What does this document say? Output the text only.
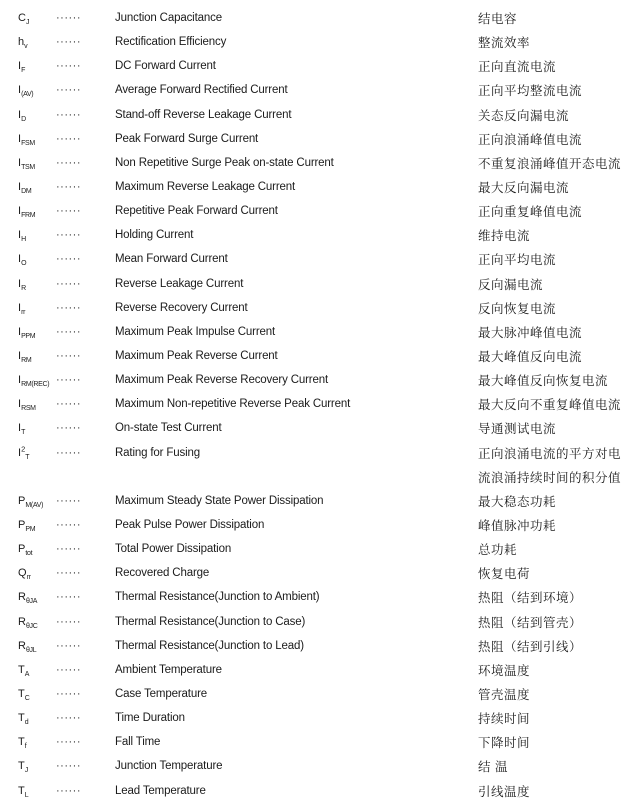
$C_J$	······	Junction Capacitance	结电容
$h_v$	······	Rectification Efficiency	整流效率
$I_F$	······	DC Forward Current	正向直流电流
$I_{(AV)}$	······	Average Forward Rectified Current	正向平均整流电流
$I_D$	······	Stand-off Reverse Leakage Current	关态反向漏电流
$I_{FSM}$	······	Peak Forward Surge Current	正向浪涌峰值电流
$I_{TSM}$	······	Non Repetitive Surge Peak on-state Current	不重复浪涌峰值开态电流
$I_{DM}$	······	Maximum Reverse Leakage Current	最大反向漏电流
$I_{FRM}$	······	Repetitive Peak Forward Current	正向重复峰值电流
$I_H$	······	Holding Current	维持电流
$I_O$	······	Mean Forward Current	正向平均电流
$I_R$	······	Reverse Leakage Current	反向漏电流
$I_{rr}$	······	Reverse Recovery Current	反向恢复电流
$I_{PPM}$	······	Maximum Peak Impulse Current	最大脉冲峰值电流
$I_{RM}$	······	Maximum Peak Reverse Current	最大峰值反向电流
$I_{RM(REC)}$ ······	Maximum Peak Reverse Recovery Current	最大峰值反向恢复电流
$I_{RSM}$	······	Maximum Non-repetitive Reverse Peak Current	最大反向不重复峰值电流
$I_T$	······	On-state Test Current	导通测试电流
$I^2_T$	······	Rating for Fusing	正向浪涌电流的平方对电
流浪涌持续时间的积分值
$P_{M(AV)}$	······	Maximum Steady State Power Dissipation	最大稳态功耗
$P_{PM}$	······	Peak Pulse Power Dissipation	峰值脉冲功耗
$P_{tot}$	······	Total Power Dissipation	总功耗
$Q_{rr}$	······	Recovered Charge	恢复电荷
$R_{\theta JA}$	······	Thermal Resistance(Junction to Ambient)	热阻（结到环境）
$R_{\theta JC}$	······	Thermal Resistance(Junction to Case)	热阻（结到管壳）
$R_{\theta JL}$	······	Thermal Resistance(Junction to Lead)	热阻（结到引线）
$T_A$	······	Ambient Temperature	环境温度
$T_C$	······	Case Temperature	管壳温度
$T_d$	······	Time Duration	持续时间
$T_f$	······	Fall Time	下降时间
$T_J$	······	Junction Temperature	结 温
$T_L$	······	Lead Temperature	引线温度
